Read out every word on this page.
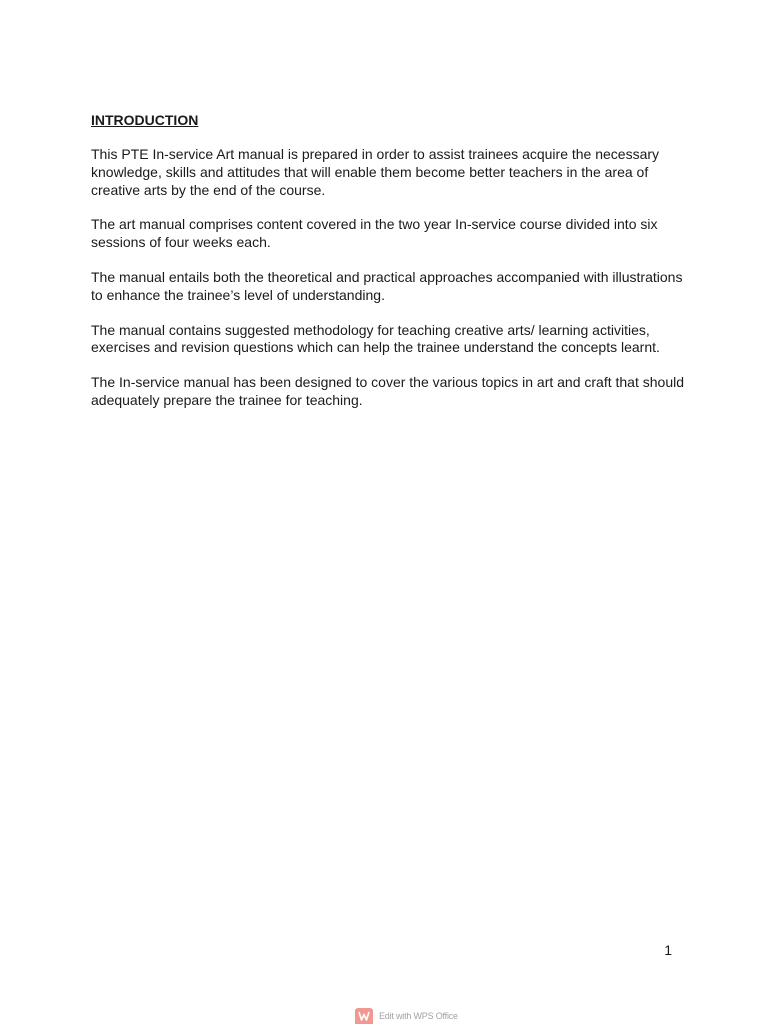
INTRODUCTION

This PTE In-service Art manual is prepared in order to assist trainees acquire the necessary knowledge, skills and attitudes that will enable them become better teachers in the area of creative arts by the end of the course.

The art manual comprises content covered in the two year In-service course divided into six sessions of four weeks each.

The manual entails both the theoretical and practical approaches accompanied with illustrations to enhance the trainee’s level of understanding.

The manual contains suggested methodology for teaching creative arts/ learning activities, exercises and revision questions which can help the trainee understand the concepts learnt.

The In-service manual has been designed to cover the various topics in art and craft that should adequately prepare the trainee for teaching.

1
Edit with WPS Office
